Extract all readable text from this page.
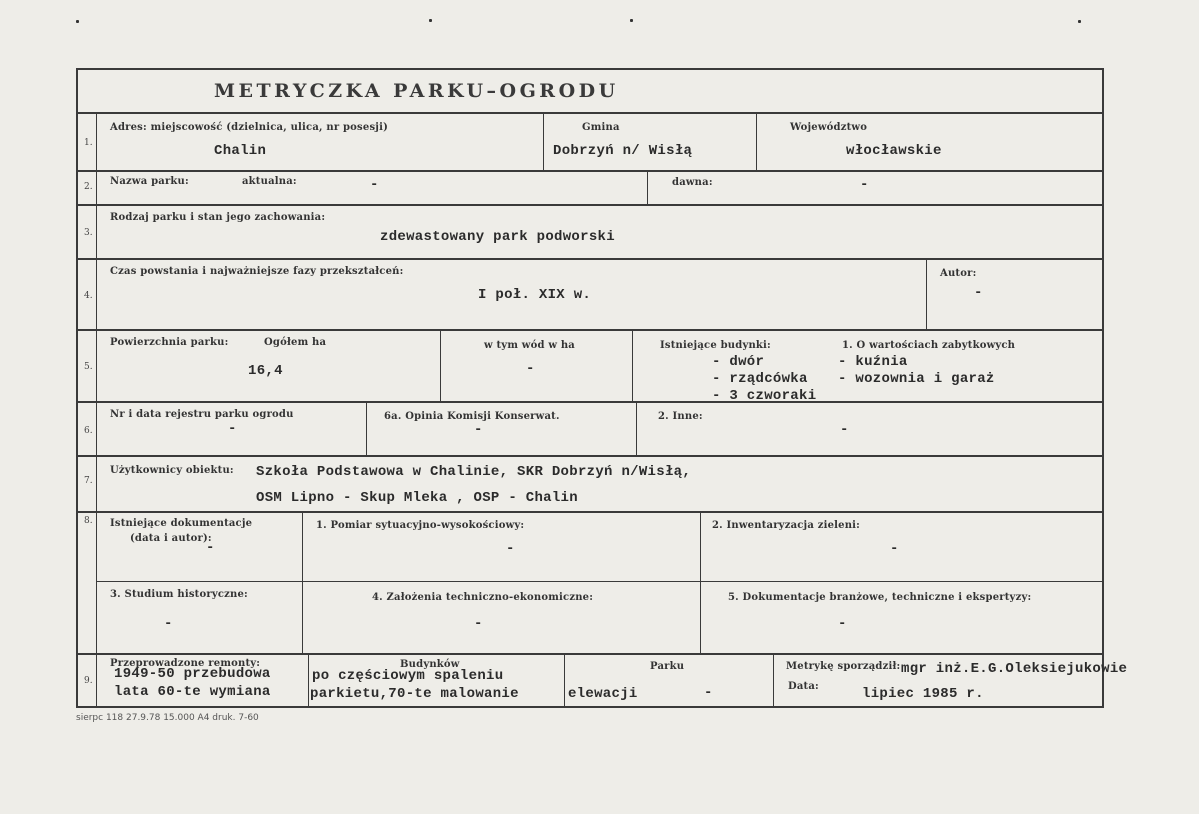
METRYCZKA PARKU–OGRODU
1.
Adres: miejscowość (dzielnica, ulica, nr posesji)
Chalin
Gmina
Dobrzyń n/ Wisłą
Województwo
włocławskie
2. Nazwa parku:	aktualna:	-	dawna:	-
3.
Rodzaj parku i stan jego zachowania:
zdewastowany park podworski
4.
Czas powstania i najważniejsze fazy przekształceń:
I poł. XIX w.
Autor:
-
5.
Powierzchnia parku:	Ogółem ha
16,4
w tym wód w ha
-
Istniejące budynki:	1. O wartościach zabytkowych
- dwór	- kuźnia
- rządcówka - wozownia i garaż
- 3 czworaki
6.
Nr i data rejestru parku ogrodu
-
6a. Opinia Komisji Konserwat.
-
2. Inne:
-
7.
Użytkownicy obiektu: Szkoła Podstawowa w Chalinie, SKR Dobrzyń n/Wisłą,
OSM Lipno - Skup Mleka , OSP - Chalin
8. Istniejące dokumentacje
(data i autor):
-
1. Pomiar sytuacyjno-wysokościowy:
-
2. Inwentaryzacja zieleni:
-
3. Studium historyczne:
-
4. Założenia techniczno-ekonomiczne:
-
5. Dokumentacje branżowe, techniczne i ekspertyzy:
-
9.
Przeprowadzone remonty:
1949-50 przebudowa
lata 60-te wymiana
Budynków
po częściowym spaleniu
parkietu,70-te malowanie
Parku
elewacji	-
Metrykę sporządził: mgr inż.E.G.Oleksiejukowie
Data:	lipiec 1985 r.
sierpc 118 27.9.78 15.000 A4 druk. 7-60
